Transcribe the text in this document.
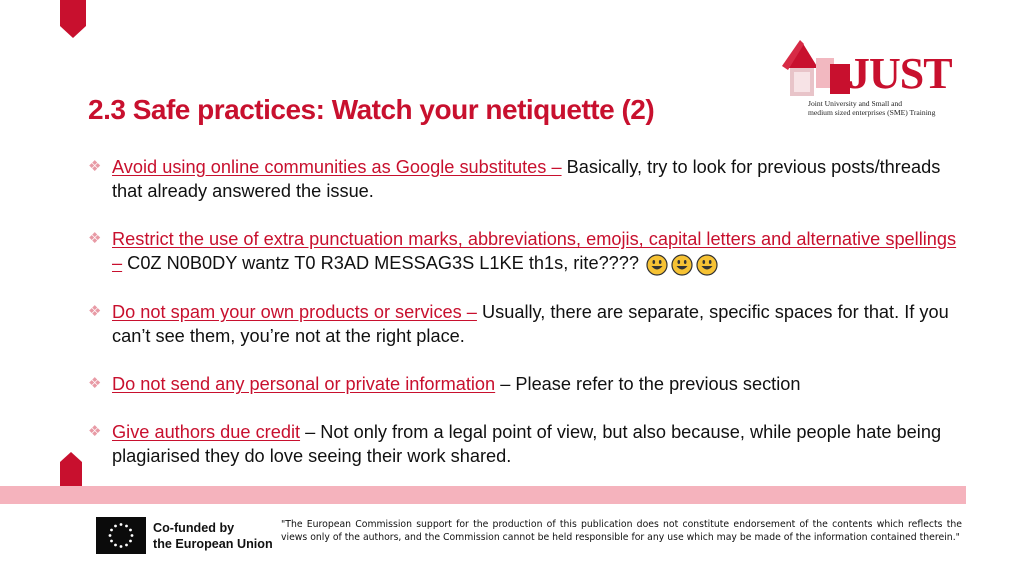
JUST
Joint University and Small and
medium sized enterprises (SME) Training
2.3 Safe practices: Watch your netiquette (2)
❖ Avoid using online communities as Google substitutes – Basically, try to look for previous posts/threads that already answered the issue.
❖ Restrict the use of extra punctuation marks, abbreviations, emojis, capital letters and alternative spellings – C0Z N0B0DY wantz T0 R3AD MESSAG3S L1KE th1s, rite????
❖ Do not spam your own products or services – Usually, there are separate, specific spaces for that. If you can’t see them, you’re not at the right place.
❖ Do not send any personal or private information – Please refer to the previous section
❖ Give authors due credit – Not only from a legal point of view, but also because, while people hate being plagiarised they do love seeing their work shared.
Co-funded by
the European Union
"The European Commission support for the production of this publication does not constitute endorsement of the contents which reflects the views only of the authors, and the Commission cannot be held responsible for any use which may be made of the information contained therein."
